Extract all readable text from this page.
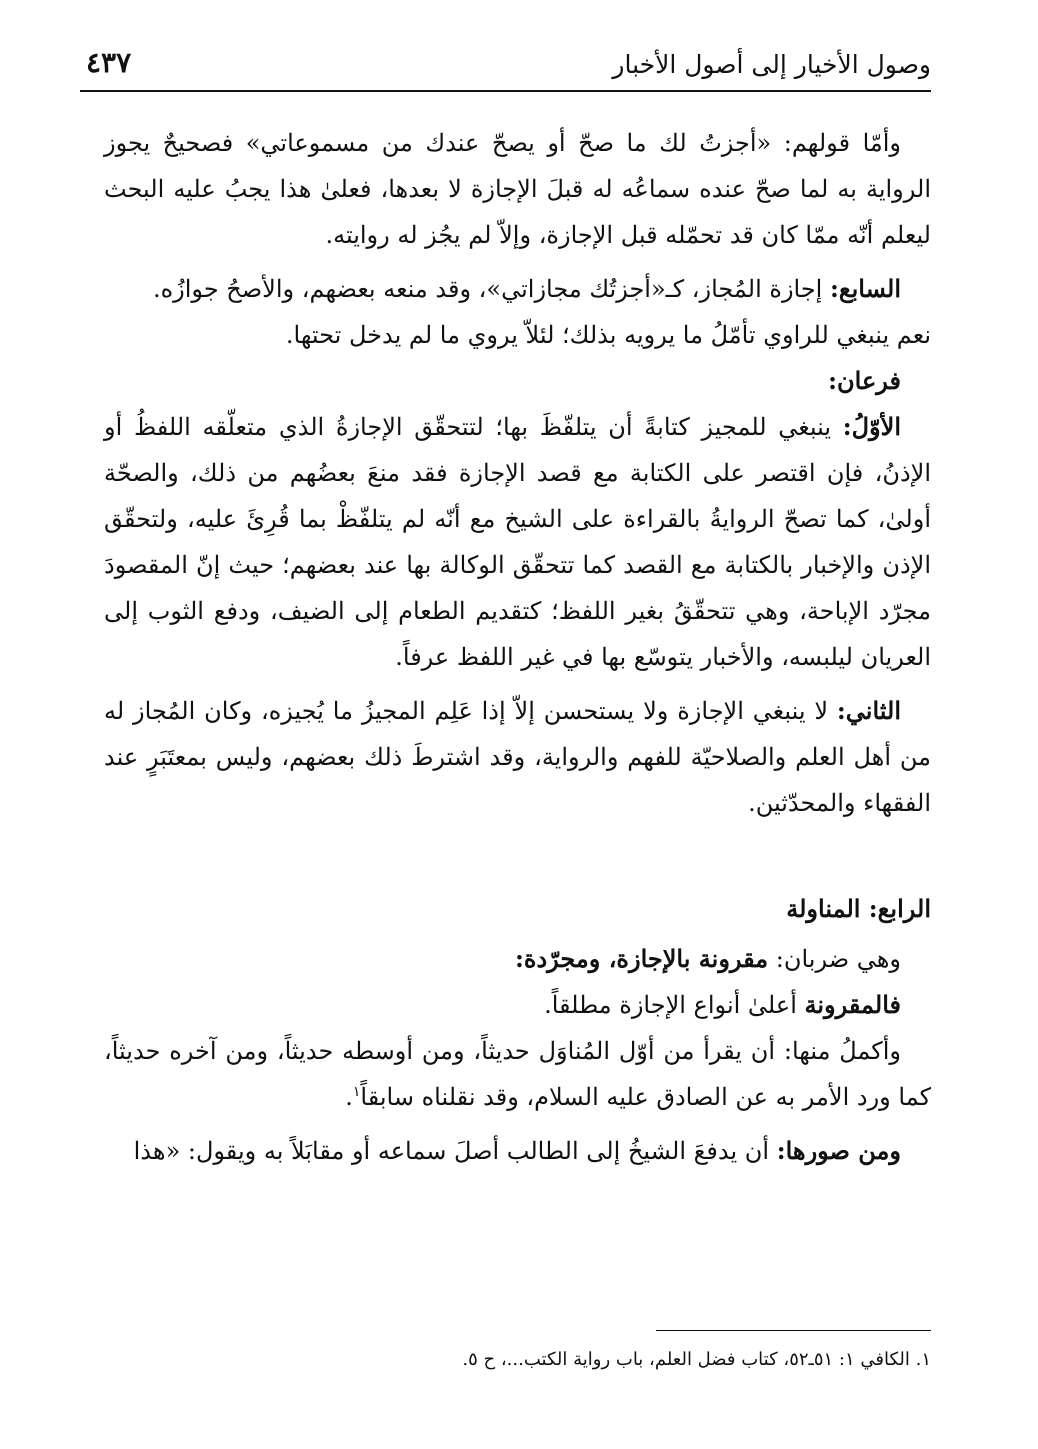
وصول الأخيار إلى أصول الأخبار
٤٣٧

وأمّا قولهم: «أجزتُ لك ما صحّ أو يصحّ عندك من مسموعاتي» فصحيحٌ يجوز الرواية به لما صحّ عنده سماعُه له قبلَ الإجازة لا بعدها، فعلىٰ هذا يجبُ عليه البحث ليعلم أنّه ممّا كان قد تحمّله قبل الإجازة، وإلاّ لم يجُز له روايته.

السابع: إجازة المُجاز، كـ«أجزتُك مجازاتي»، وقد منعه بعضهم، والأصحُ جوازُه.

نعم ينبغي للراوي تأمّلُ ما يرويه بذلك؛ لئلاّ يروي ما لم يدخل تحتها.

فرعان:

الأوّلُ: ينبغي للمجيز كتابةً أن يتلفّظَ بها؛ لتتحقّق الإجازةُ الذي متعلّقه اللفظُ أو الإذنُ، فإن اقتصر على الكتابة مع قصد الإجازة فقد منعَ بعضُهم من ذلك، والصحّة أولىٰ، كما تصحّ الروايةُ بالقراءة على الشيخ مع أنّه لم يتلفّظْ بما قُرِئَ عليه، ولتحقّق الإذن والإخبار بالكتابة مع القصد كما تتحقّق الوكالة بها عند بعضهم؛ حيث إنّ المقصودَ مجرّد الإباحة، وهي تتحقّقُ بغير اللفظ؛ كتقديم الطعام إلى الضيف، ودفع الثوب إلى العريان ليلبسه، والأخبار يتوسّع بها في غير اللفظ عرفاً.

الثاني: لا ينبغي الإجازة ولا يستحسن إلاّ إذا عَلِم المجيزُ ما يُجيزه، وكان المُجاز له من أهل العلم والصلاحيّة للفهم والرواية، وقد اشترطَ ذلك بعضهم، وليس بمعتَبَرٍ عند الفقهاء والمحدّثين.

الرابع: المناولة

وهي ضربان: مقرونة بالإجازة، ومجرّدة:

فالمقرونة أعلىٰ أنواع الإجازة مطلقاً.

وأكملُ منها: أن يقرأ من أوّل المُناوَل حديثاً، ومن أوسطه حديثاً، ومن آخره حديثاً، كما ورد الأمر به عن الصادق عليه السلام، وقد نقلناه سابقاً$^١$.

ومن صورها: أن يدفعَ الشيخُ إلى الطالب أصلَ سماعه أو مقابَلاً به ويقول: «هذا

١. الكافي ١: ٥١ـ٥٢، كتاب فضل العلم، باب رواية الكتب...، ح ٥.
